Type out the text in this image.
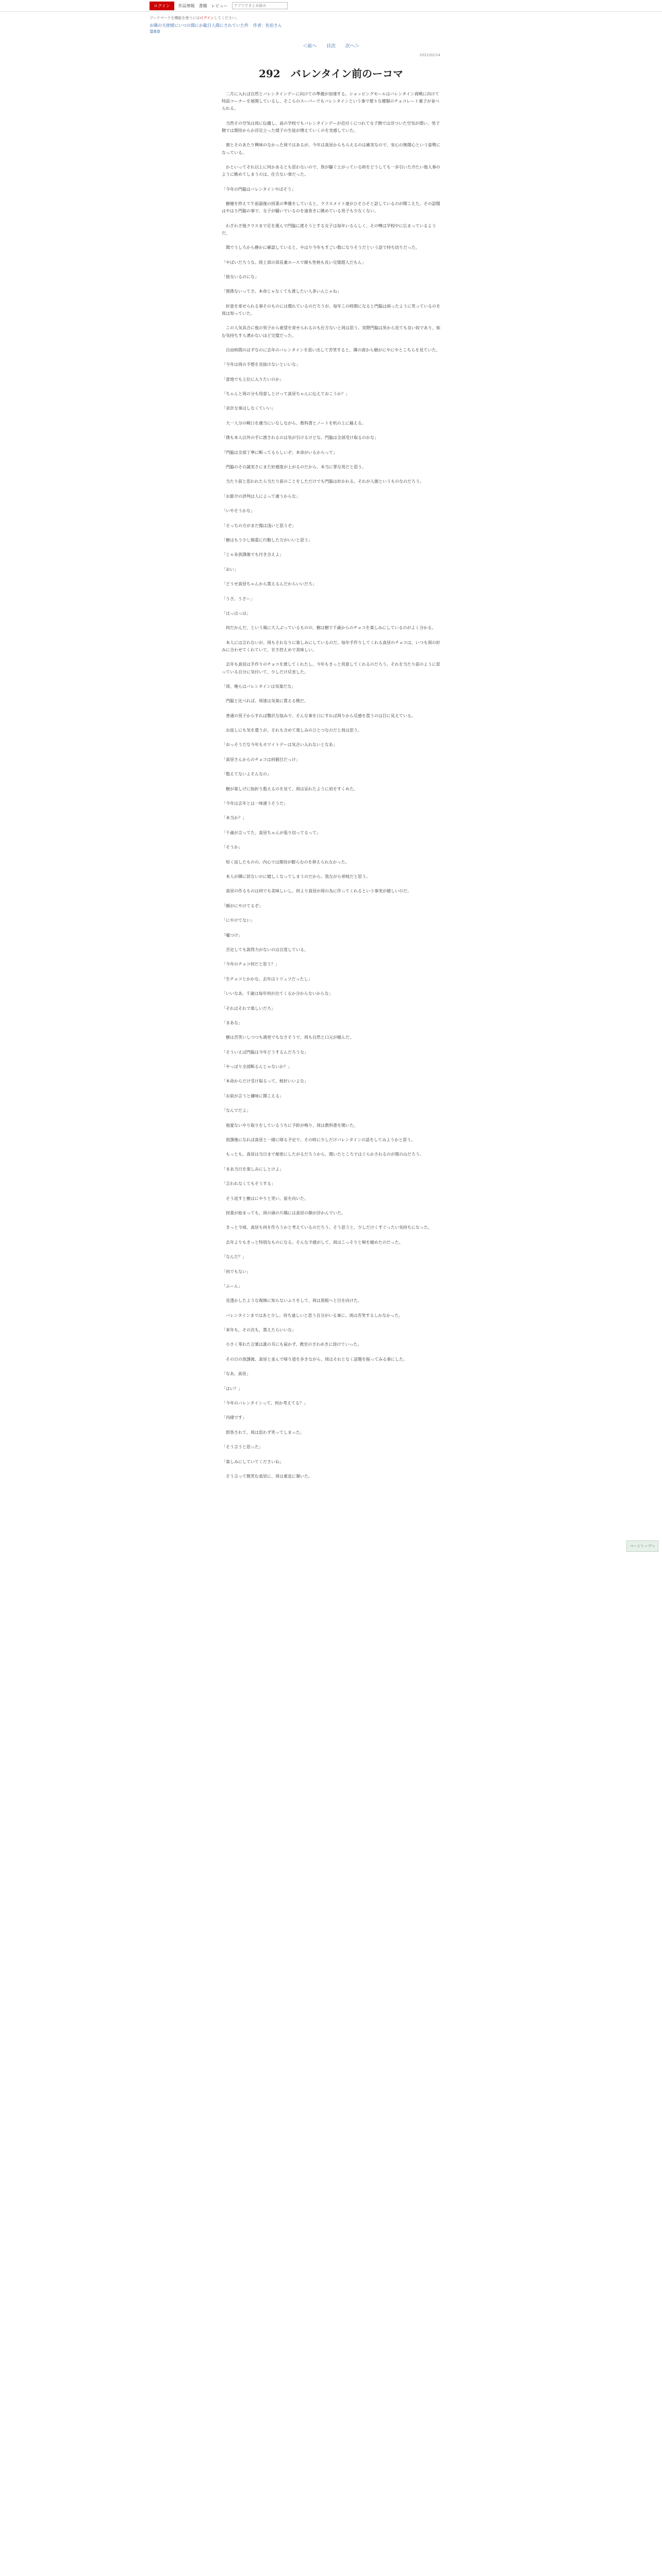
ログイン	作品情報 書籍 レビュー
アプリでまとめ読み
ブックマークを機能を使うにはログインしてください。
お隣の天使様にいつの間にか駄目人間にされていた件 作者：佐伯さん
第8章
＜前へ 目次 次へ＞
2021/02/14
292　バレンタイン前のーコマ

　二月に入れば自然とバレンタインデーに向けての準備が加速する。ショッピングモールはバレンタイン商戦に向けて特設コーナーを展開しているし、そこらのスーパーでもバレンタインという事で様々な種類のチョコレート菓子が並べられる。

　当然その空気は周に伝播し、高の学校でもバレンタインデーが近付くにつれて女子側では浮ついた空気が漂い、男子側では期待からか浮足立った様子の生徒が増えていくのを実感していた。

　割とそのあたり興味のなかった周ではあるが、今年は真昼からもらえるのは確実なので、安心の無関心という姿勢になっている。

　かといってそれ以上に何かあるとも思わないので、皆が騒ぐ上がっている時をどうしても一歩引いた冷たい他人事のように眺めてしまうのは、仕方ない事だった。

「今年の門脇はバレンタインやばそう」

　樹健を終えて午前最後の授業の準備をしていると、クラスメイト達がひそひそと話しているのが聞こえた。その話題はやはり門脇の事で、女子が騒いでいるのを遠巻きに眺めている男子も少なくない。

　わざわざ他クラスまで足を運んで門脇に渡そうとする女子は毎年いるらしく、その噂は学校中に広まっているようだ。

　聞でうしろから静かに確認していると、やはり今年もすごい数になりそうだという話で持ち切りだった。

「やばいだろうな。陸上部の部長兼エースで顔も性格も良い完璧超人だもん」

「彼女いるのにな」

「関係ないってさ。本命じゃなくても渡したい人多いんじゃね」

　好意を寄せられる事そのものには慣れているのだろうが、毎年この時期になると門脇は困ったように笑っているのを周は知っていた。

　この人気具合に他の男子から羨望を寄せられるのも仕方ないと周は思う。実際門脇は男から見ても良い奴であり、妬む気持ちすら湧かないほど完璧だった。

　自由時間のはずなのに去年のバレンタインを思い出して苦笑すると、隣の席から樹がにやにやとこちらを見ていた。

「今年は周の予想を見抜けないといいな」

「意地でも上位に入りたいのか」

「ちゃんと周の分も用意しとけって真昼ちゃんに伝えておこうか？」

「余計な事はしなくていい」

　大一人分の軽口を適当にいなしながら、教科書とノートを机の上に揃える。

「僕も本人以外の手に渡されるのは気が引けるけどな。門脇は全部受け取るのかな」

「門脇は全部丁寧に断ってるらしいぞ。本命がいるからって」

　門脇のその誠実さにまた好感度が上がるのだから、本当に罪な男だと思う。

　当たり前と思われたら当たり前のことをしただけでも門脇は好かれる。それが人徳というものなのだろう。

「お節介の評判は人によって違うからな」

「いやそうかな」

「そっちの方がまだ傷は浅いと思うぞ」

「樹はもう少し慎重に行動した方がいいと思う」

「じゃあ放課後でも付き合えよ」

「おい」

「どうせ真昼ちゃんから貰えるんだからいいだろ」

「うざ。うざー」

「はっはっは」

　何だかんだ、という風に大人ぶっているものの、樹は樹で千歳からのチョコを楽しみにしているのがよく分かる。

　本人には言わないが、周もそれなりに楽しみにしているのだ。毎年手作りしてくれる真昼のチョコは、いつも周の好みに合わせてくれていて、甘さ控えめで美味しい。

　去年も真昼は手作りのチョコを渡してくれたし、今年もきっと用意してくれるのだろう。それを当たり前のように思っている自分に気付いて、少しだけ反省した。

「周、俺らはバレンタインは気楽だな」

　門脇と比べれば、周達は気楽に貰える側だ。

　普通の男子からすれば贅沢な悩みで、そんな事を口にすれば周りから反感を買うのは目に見えている。

　お返しにも気を遣うが、それも含めて楽しみのひとつなのだと周は思う。

「おっそうだな今年もホワイトデーは気合い入れないとなあ」

「真昼さんからのチョコは何個目だっけ」

「数えてないよそんなの」

　樹が楽しげに指折り数えるのを見て、周は呆れたように肩をすくめた。

「今年は去年とは一味違うそうだ」

「本当か？」

「千歳が言ってた。真昼ちゃんが張り切ってるって」

「そうか」

　短く返したものの、内心では期待が膨らむのを抑えられなかった。

　本人が隣に居ないのに嬉しくなってしまうのだから、我ながら単純だと思う。

　真昼の作るものは何でも美味しいし、何より真昼が周の為に作ってくれるという事実が嬉しいのだ。

「顔がにやけてるぞ」

「にやけてない」

「嘘つけ」

　否定しても説得力がないのは自覚している。

「今年のチョコ何だと思う？」

「生チョコとかかな。去年はトリュフだったし」

「いいなあ。千歳は毎年何が出てくるか分からないからな」

「それはそれで楽しいだろ」

「まあな」

　樹は苦笑いしつつも満更でもなさそうで、周も自然と口元が緩んだ。

「そういえば門脇は今年どうするんだろうな」

「やっぱり全部断るんじゃないか？」

「本命からだけ受け取るって、格好いいよな」

「お前が言うと嫌味に聞こえる」

「なんでだよ」

　他愛ないやり取りをしているうちに予鈴が鳴り、周は教科書を開いた。

　放課後になれば真昼と一緒に帰る予定で、その時に少しだけバレンタインの話をしてみようかと思う。

　もっとも、真昼は当日まで秘密にしたがるだろうから、聞いたところではぐらかされるのが関の山だろう。

「まあ当日を楽しみにしとけよ」

「言われなくてもそうする」

　そう返すと樹はにやりと笑い、前を向いた。

　授業が始まっても、周の頭の片隅には真昼の顔が浮かんでいた。

　きっと今頃、真昼も何を作ろうかと考えているのだろう。そう思うと、少しだけくすぐったい気持ちになった。

　去年よりもきっと特別なものになる。そんな予感がして、周はこっそりと頬を緩めたのだった。

「なんだ？」

「何でもない」

「ふーん」

　見透かしたような視線に知らないふりをして、周は黒板へと目を向けた。

　バレンタインまではあと少し。待ち遠しいと思う自分がいる事に、周は苦笑するしかなかった。

「来年も、その次も、貰えたらいいな」

　小さく零れた言葉は誰の耳にも届かず、教室のざわめきに溶けていった。

　その日の放課後、真昼と並んで帰り道を歩きながら、周はそれとなく話題を振ってみる事にした。

「なあ、真昼」

「はい？」

「今年のバレンタインって、何か考えてる？」

「内緒です」

　即答されて、周は思わず笑ってしまった。

「そう言うと思った」

「楽しみにしていてくださいね」

　そう言って微笑む真昼に、周は素直に頷いた。

ページトップへ
